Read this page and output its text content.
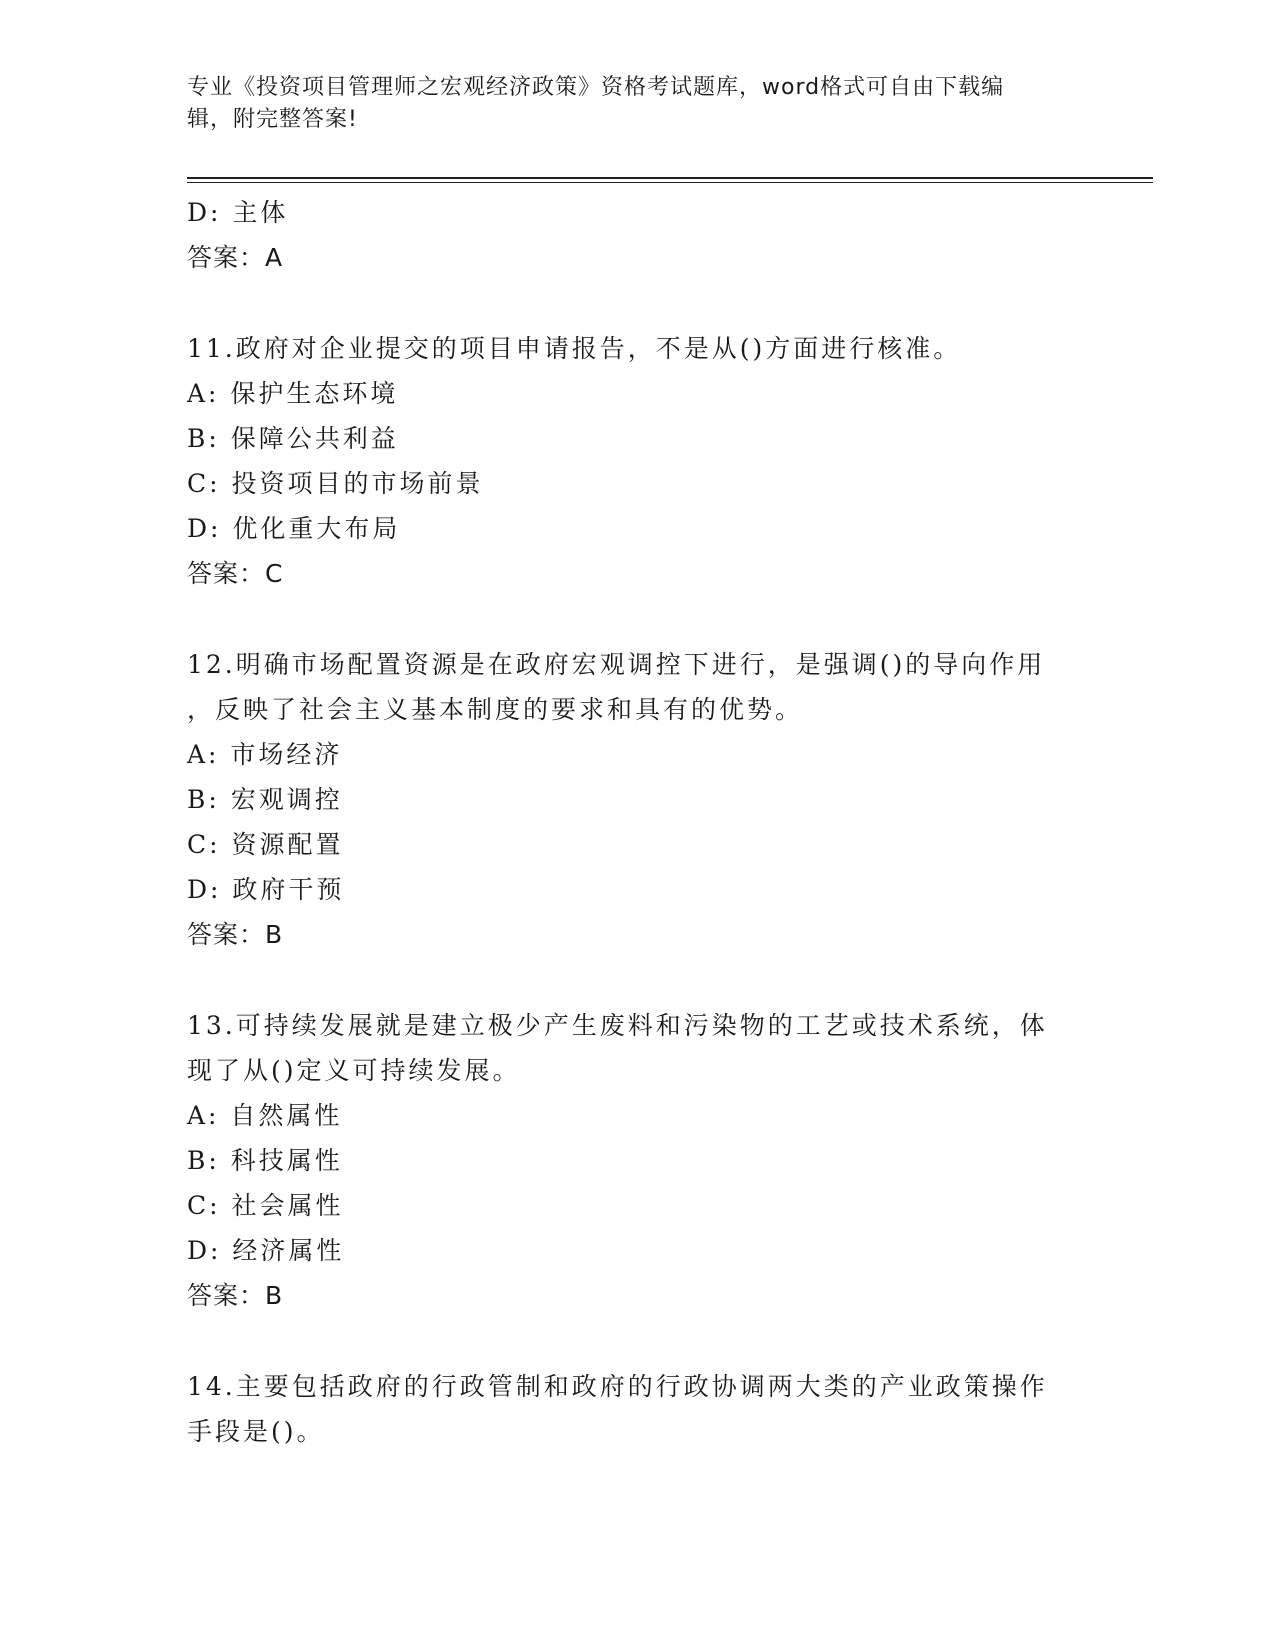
专业《投资项目管理师之宏观经济政策》资格考试题库，word格式可自由下载编
辑，附完整答案!
D: 主体
答案：A
11.政府对企业提交的项目申请报告，不是从()方面进行核准。
A: 保护生态环境
B: 保障公共利益
C: 投资项目的市场前景
D: 优化重大布局
答案：C
12.明确市场配置资源是在政府宏观调控下进行，是强调()的导向作用
，反映了社会主义基本制度的要求和具有的优势。
A: 市场经济
B: 宏观调控
C: 资源配置
D: 政府干预
答案：B
13.可持续发展就是建立极少产生废料和污染物的工艺或技术系统，体
现了从()定义可持续发展。
A: 自然属性
B: 科技属性
C: 社会属性
D: 经济属性
答案：B
14.主要包括政府的行政管制和政府的行政协调两大类的产业政策操作
手段是()。
